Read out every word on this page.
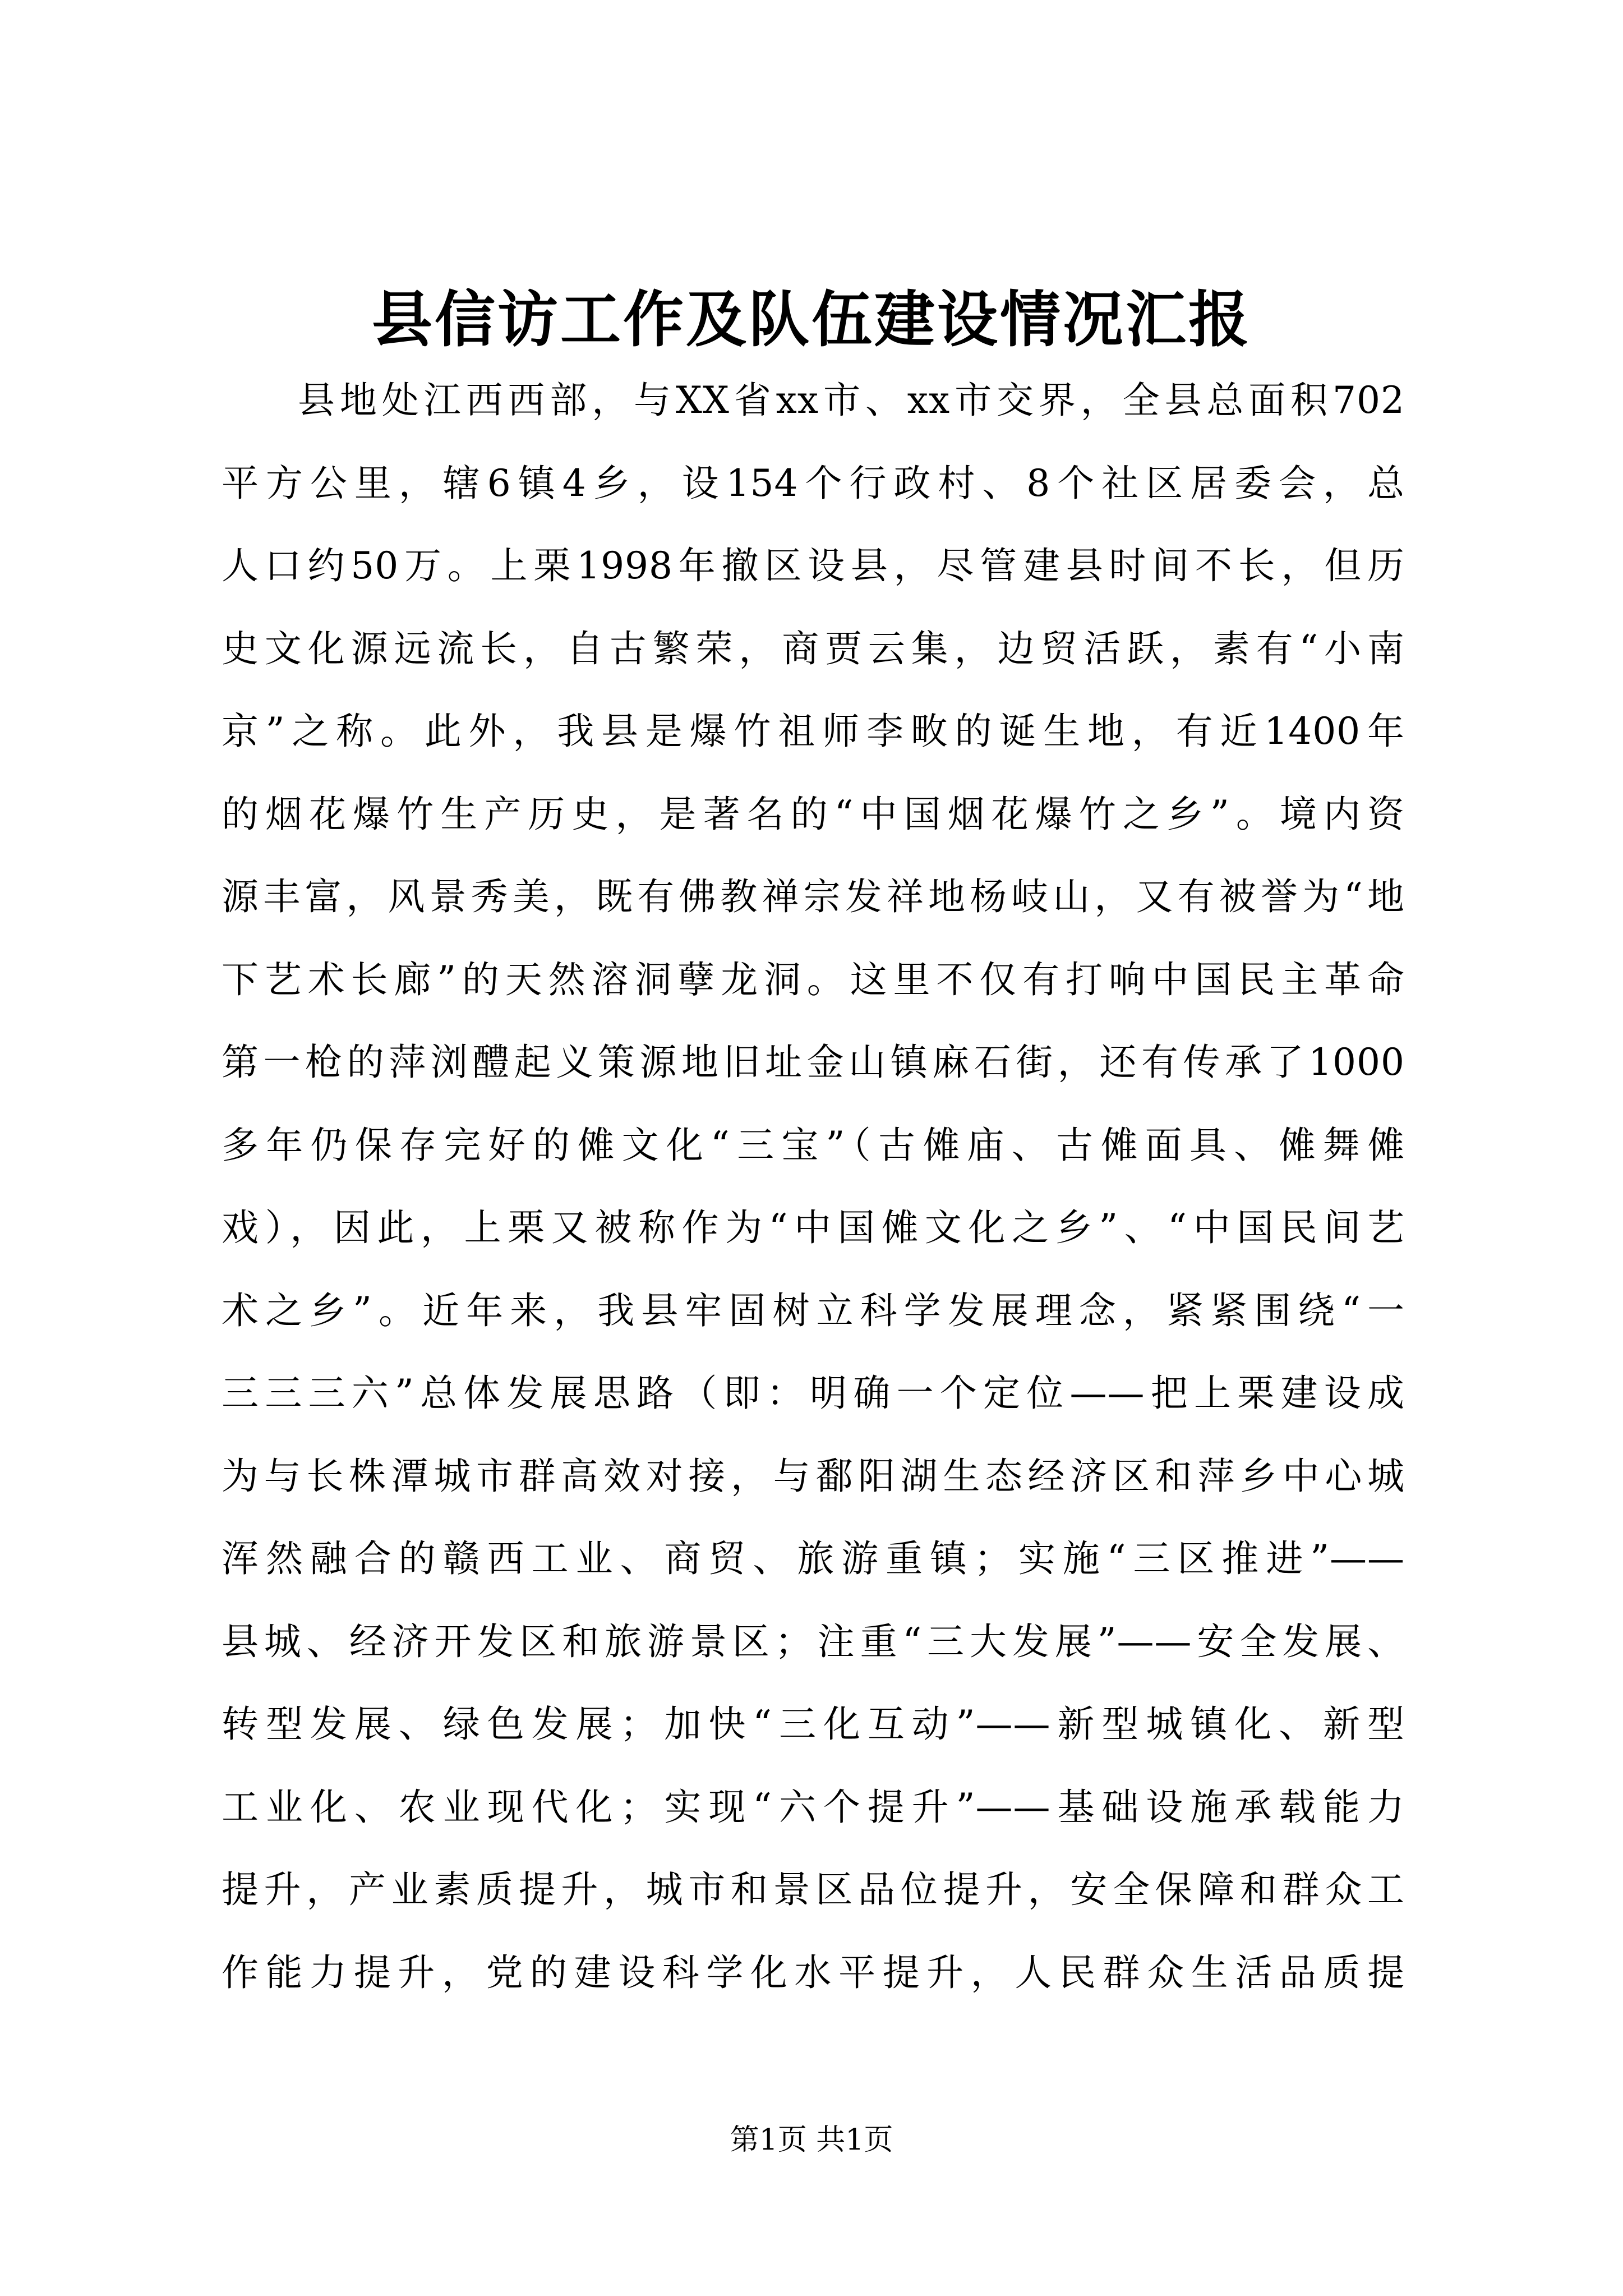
县信访工作及队伍建设情况汇报
县地处江西西部，与XX省xx市、xx市交界，全县总面积702
平方公里，辖6镇4乡，设154个行政村、8个社区居委会，总
人口约50万。上栗1998年撤区设县，尽管建县时间不长，但历
史文化源远流长，自古繁荣，商贾云集，边贸活跃，素有“小南
京”之称。此外，我县是爆竹祖师李畋的诞生地，有近1400年
的烟花爆竹生产历史，是著名的“中国烟花爆竹之乡”。境内资
源丰富，风景秀美，既有佛教禅宗发祥地杨岐山，又有被誉为“地
下艺术长廊”的天然溶洞孽龙洞。这里不仅有打响中国民主革命
第一枪的萍浏醴起义策源地旧址金山镇麻石街，还有传承了1000
多年仍保存完好的傩文化“三宝”（古傩庙、古傩面具、傩舞傩
戏），因此，上栗又被称作为“中国傩文化之乡”、“中国民间艺
术之乡”。近年来，我县牢固树立科学发展理念，紧紧围绕“一
三三三六”总体发展思路（即：明确一个定位——把上栗建设成
为与长株潭城市群高效对接，与鄱阳湖生态经济区和萍乡中心城
浑然融合的赣西工业、商贸、旅游重镇；实施“三区推进”——
县城、经济开发区和旅游景区；注重“三大发展”——安全发展、
转型发展、绿色发展；加快“三化互动”——新型城镇化、新型
工业化、农业现代化；实现“六个提升”——基础设施承载能力
提升，产业素质提升，城市和景区品位提升，安全保障和群众工
作能力提升，党的建设科学化水平提升，人民群众生活品质提
第1页 共1页
